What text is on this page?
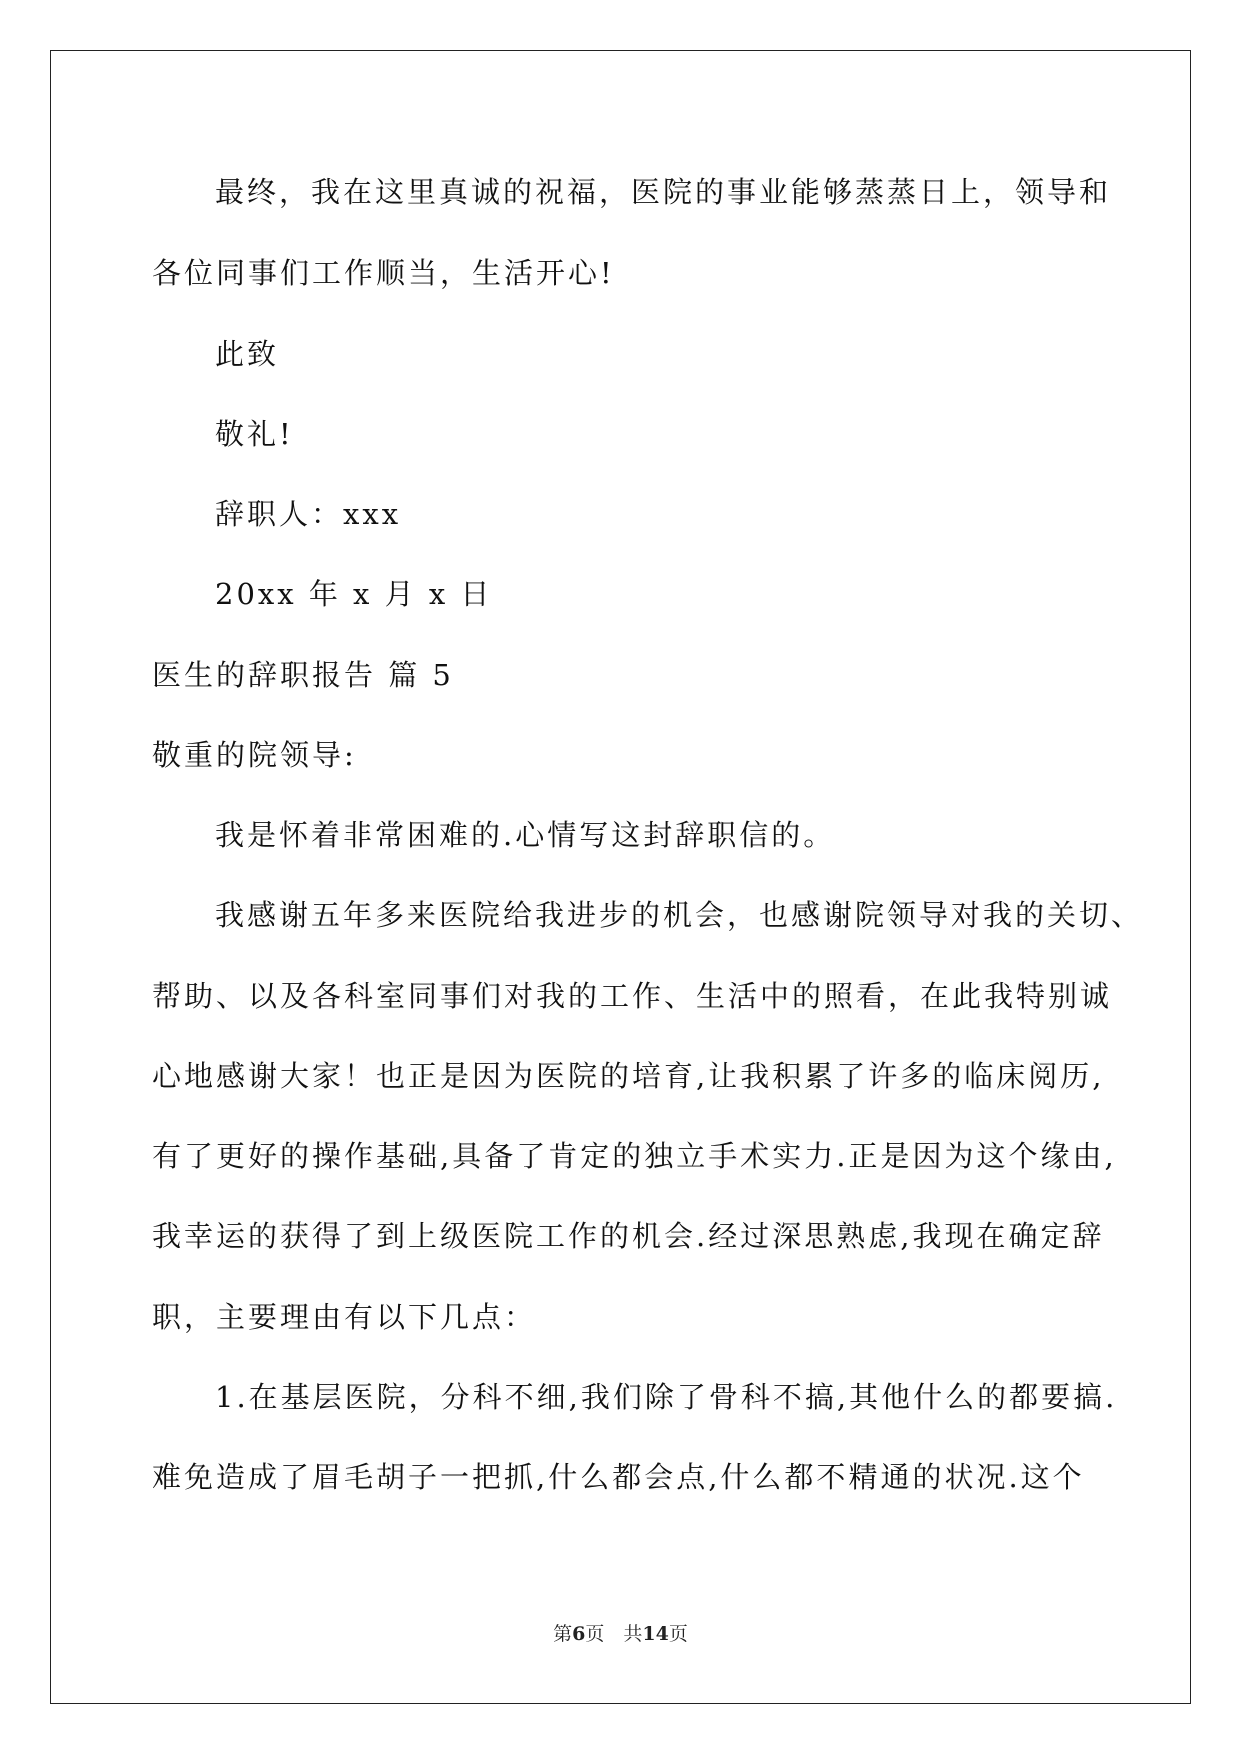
最终，我在这里真诚的祝福，医院的事业能够蒸蒸日上，领导和
各位同事们工作顺当，生活开心!
此致
敬礼!
辞职人：xxx
20xx 年 x 月 x 日
医生的辞职报告 篇 5
敬重的院领导:
我是怀着非常困难的.心情写这封辞职信的。
我感谢五年多来医院给我进步的机会，也感谢院领导对我的关切、
帮助、以及各科室同事们对我的工作、生活中的照看，在此我特别诚
心地感谢大家！也正是因为医院的培育,让我积累了许多的临床阅历,
有了更好的操作基础,具备了肯定的独立手术实力.正是因为这个缘由,
我幸运的获得了到上级医院工作的机会.经过深思熟虑,我现在确定辞
职，主要理由有以下几点：
1.在基层医院，分科不细,我们除了骨科不搞,其他什么的都要搞.
难免造成了眉毛胡子一把抓,什么都会点,什么都不精通的状况.这个
第6页　共14页
